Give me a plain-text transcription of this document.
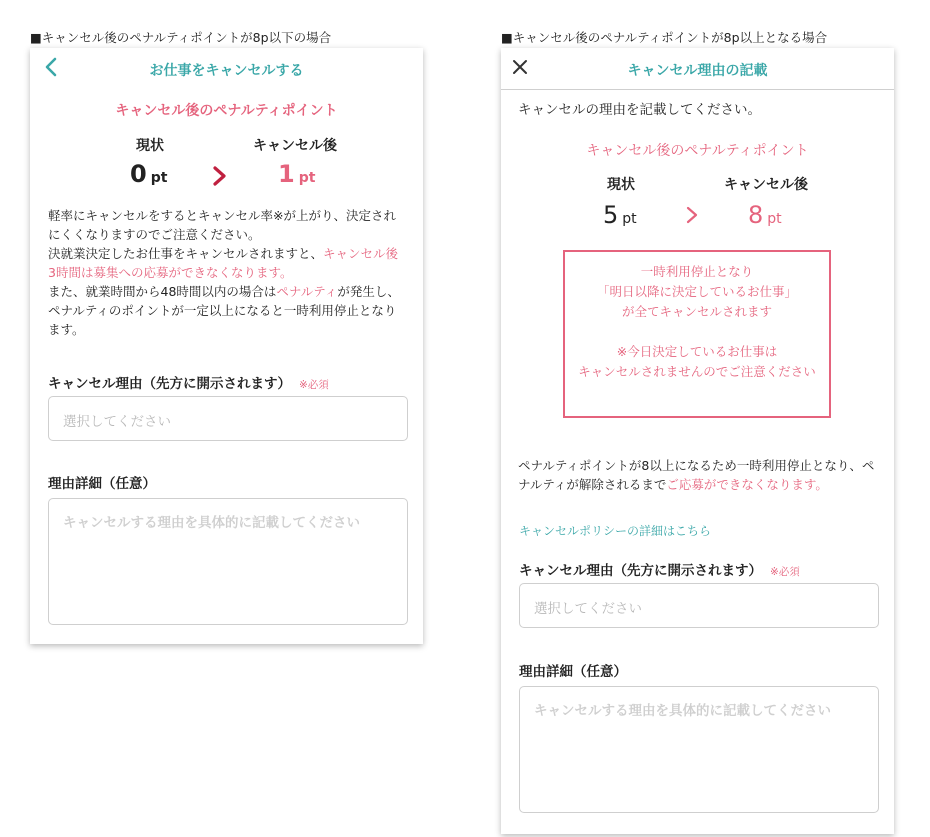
■キャンセル後のペナルティポイントが8p以下の場合	■キャンセル後のペナルティポイントが8p以上となる場合
お仕事をキャンセルする
キャンセル後のペナルティポイント
現状	キャンセル後
0 pt	1 pt
軽率にキャンセルをするとキャンセル率※が上がり、決定されにくくなりますのでご注意ください。
決就業決定したお仕事をキャンセルされますと、キャンセル後3時間は募集への応募ができなくなります。
また、就業時間から48時間以内の場合はペナルティが発生し、ペナルティのポイントが一定以上になると一時利用停止となります。
キャンセル理由（先方に開示されます） ※必須
選択してください
理由詳細（任意）
キャンセルする理由を具体的に記載してください
キャンセル理由の記載
キャンセルの理由を記載してください。
キャンセル後のペナルティポイント
現状	キャンセル後
5 pt	8 pt
一時利用停止となり
「明日以降に決定しているお仕事」
が全てキャンセルされます
※今日決定しているお仕事は
キャンセルされませんのでご注意ください
ペナルティポイントが8以上になるため一時利用停止となり、ペナルティが解除されるまでご応募ができなくなります。
キャンセルポリシーの詳細はこちら
キャンセル理由（先方に開示されます） ※必須
選択してください
理由詳細（任意）
キャンセルする理由を具体的に記載してください
